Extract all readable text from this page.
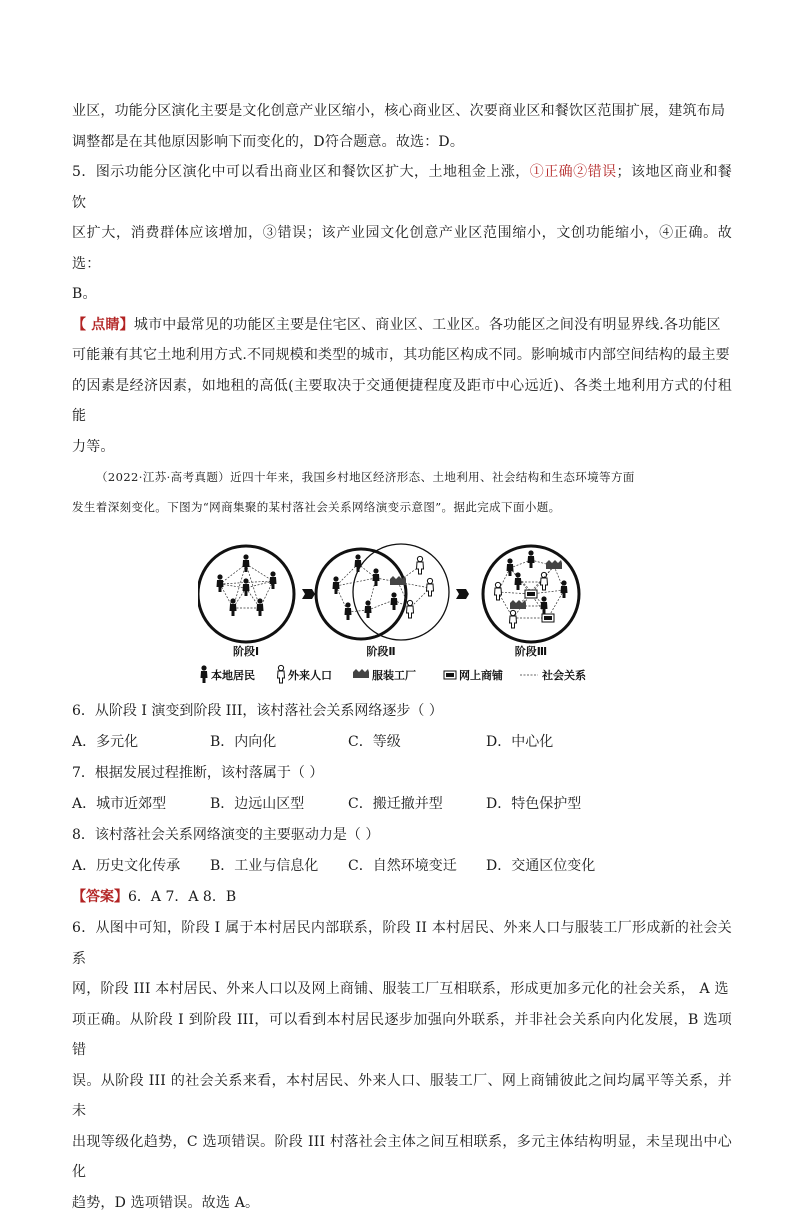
业区，功能分区演化主要是文化创意产业区缩小，核心商业区、次要商业区和餐饮区范围扩展，建筑布局

调整都是在其他原因影响下而变化的，D符合题意。故选：D。

5．图示功能分区演化中可以看出商业区和餐饮区扩大，土地租金上涨，①正确②错误；该地区商业和餐饮

区扩大，消费群体应该增加，③错误；该产业园文化创意产业区范围缩小，文创功能缩小，④正确。故选：

B。

【 点睛】城市中最常见的功能区主要是住宅区、商业区、工业区。各功能区之间没有明显界线.各功能区

可能兼有其它土地利用方式.不同规模和类型的城市，其功能区构成不同。影响城市内部空间结构的最主要

的因素是经济因素，如地租的高低(主要取决于交通便捷程度及距市中心远近)、各类土地利用方式的付租能

力等。

（2022·江苏·高考真题）近四十年来，我国乡村地区经济形态、土地利用、社会结构和生态环境等方面

发生着深刻变化。下图为“网商集聚的某村落社会关系网络演变示意图”。据此完成下面小题。

阶段Ⅰ	阶段Ⅱ	阶段Ⅲ
本地居民	外来人口	服装工厂	网上商铺	社会关系

6．从阶段 I 演变到阶段 III，该村落社会关系网络逐步（ ）

A．多元化	B．内向化	C．等级	D．中心化

7．根据发展过程推断，该村落属于（ ）

A．城市近郊型	B．边远山区型	C．搬迁撤并型	D．特色保护型

8．该村落社会关系网络演变的主要驱动力是（ ）

A．历史文化传承	B．工业与信息化	C．自然环境变迁	D．交通区位变化

【答案】6．A 7．A 8．B

6．从图中可知，阶段 I 属于本村居民内部联系，阶段 II 本村居民、外来人口与服装工厂形成新的社会关系

网，阶段 III 本村居民、外来人口以及网上商铺、服装工厂互相联系，形成更加多元化的社会关系， A 选

项正确。从阶段 I 到阶段 III，可以看到本村居民逐步加强向外联系，并非社会关系向内化发展，B 选项错

误。从阶段 III 的社会关系来看，本村居民、外来人口、服装工厂、网上商铺彼此之间均属平等关系，并未

出现等级化趋势，C 选项错误。阶段 III 村落社会主体之间互相联系，多元主体结构明显，未呈现出中心化

趋势，D 选项错误。故选 A。
